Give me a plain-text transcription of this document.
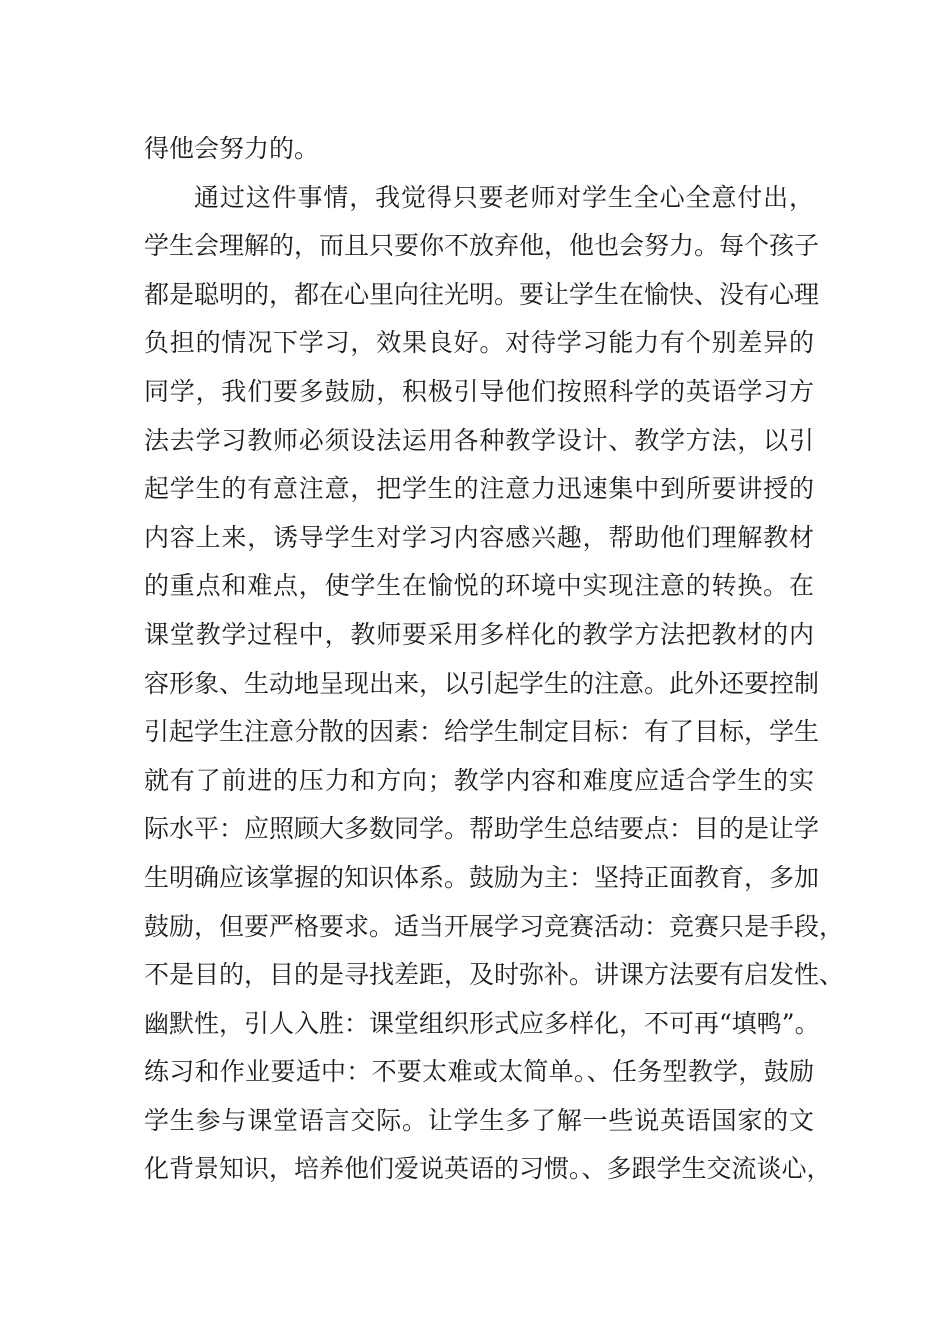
得他会努力的。
通过这件事情，我觉得只要老师对学生全心全意付出，
学生会理解的，而且只要你不放弃他，他也会努力。每个孩子
都是聪明的，都在心里向往光明。要让学生在愉快、没有心理
负担的情况下学习，效果良好。对待学习能力有个别差异的
同学，我们要多鼓励，积极引导他们按照科学的英语学习方
法去学习教师必须设法运用各种教学设计、教学方法，以引
起学生的有意注意，把学生的注意力迅速集中到所要讲授的
内容上来，诱导学生对学习内容感兴趣，帮助他们理解教材
的重点和难点，使学生在愉悦的环境中实现注意的转换。在
课堂教学过程中，教师要采用多样化的教学方法把教材的内
容形象、生动地呈现出来，以引起学生的注意。此外还要控制
引起学生注意分散的因素：给学生制定目标：有了目标，学生
就有了前进的压力和方向；教学内容和难度应适合学生的实
际水平：应照顾大多数同学。帮助学生总结要点：目的是让学
生明确应该掌握的知识体系。鼓励为主：坚持正面教育，多加
鼓励，但要严格要求。适当开展学习竞赛活动：竞赛只是手段，
不是目的，目的是寻找差距，及时弥补。讲课方法要有启发性、
幽默性，引人入胜：课堂组织形式应多样化，不可再“填鸭”。
练习和作业要适中：不要太难或太简单。、任务型教学，鼓励
学生参与课堂语言交际。让学生多了解一些说英语国家的文
化背景知识，培养他们爱说英语的习惯。、多跟学生交流谈心，
